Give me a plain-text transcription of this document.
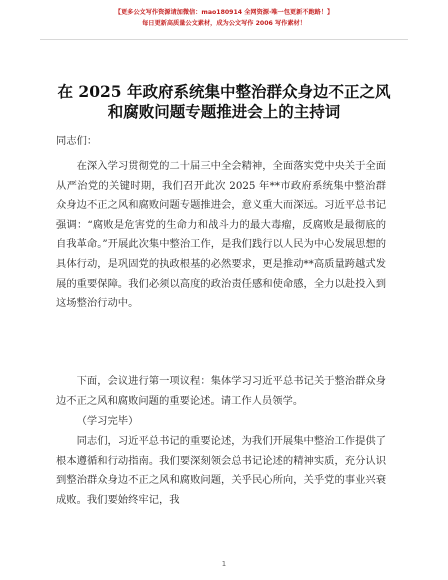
【更多公文写作资源请加微信：mao180914 全网资源·唯一包更新不跑路！】
每日更新高质量公文素材，成为公文写作 2006 写作素材！
在 2025 年政府系统集中整治群众身边不正之风
和腐败问题专题推进会上的主持词
同志们：
在深入学习贯彻党的二十届三中全会精神，全面落实党中央关于全面从严治党的关键时期，我们召开此次 2025 年**市政府系统集中整治群众身边不正之风和腐败问题专题推进会，意义重大而深远。习近平总书记强调：“腐败是危害党的生命力和战斗力的最大毒瘤，反腐败是最彻底的自我革命。”开展此次集中整治工作，是我们践行以人民为中心发展思想的具体行动，是巩固党的执政根基的必然要求，更是推动**高质量跨越式发展的重要保障。我们必须以高度的政治责任感和使命感，全力以赴投入到这场整治行动中。
下面，会议进行第一项议程：集体学习习近平总书记关于整治群众身边不正之风和腐败问题的重要论述。请工作人员领学。
（学习完毕）
同志们，习近平总书记的重要论述，为我们开展集中整治工作提供了根本遵循和行动指南。我们要深刻领会总书记论述的精神实质，充分认识到整治群众身边不正之风和腐败问题，关乎民心所向，关乎党的事业兴衰成败。我们要始终牢记，我
1
